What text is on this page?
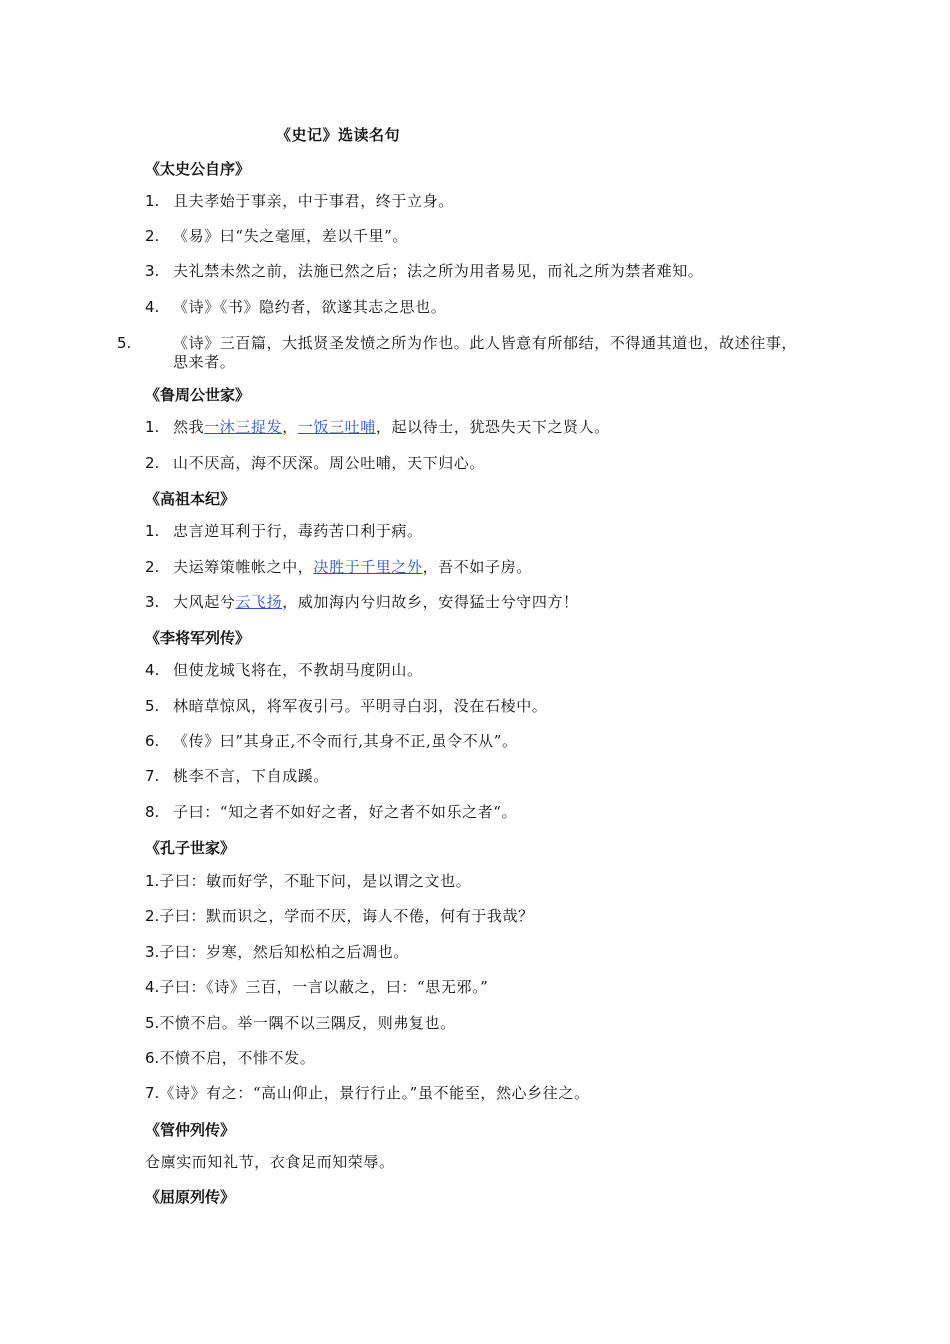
《史记》选读名句
《太史公自序》
1. 且夫孝始于事亲，中于事君，终于立身。
2. 《易》曰“失之毫厘，差以千里”。
3. 夫礼禁未然之前，法施已然之后；法之所为用者易见，而礼之所为禁者难知。
4. 《诗》《书》隐约者，欲遂其志之思也。
5.	《诗》三百篇，大抵贤圣发愤之所为作也。此人皆意有所郁结，不得通其道也，故述往事，思来者。
《鲁周公世家》
1. 然我一沐三捉发，一饭三吐哺，起以待士，犹恐失天下之贤人。
2. 山不厌高，海不厌深。周公吐哺，天下归心。
《高祖本纪》
1. 忠言逆耳利于行，毒药苦口利于病。
2. 夫运筹策帷帐之中，决胜于千里之外，吾不如子房。
3. 大风起兮云飞扬，威加海内兮归故乡，安得猛士兮守四方！
《李将军列传》
4. 但使龙城飞将在，不教胡马度阴山。
5. 林暗草惊风，将军夜引弓。平明寻白羽，没在石棱中。
6. 《传》曰”其身正,不令而行,其身不正,虽令不从”。
7. 桃李不言，下自成蹊。
8. 子曰：“知之者不如好之者，好之者不如乐之者“。
《孔子世家》
1.子曰：敏而好学，不耻下问，是以谓之文也。
2.子曰：默而识之，学而不厌，诲人不倦，何有于我哉？
3.子曰：岁寒，然后知松柏之后凋也。
4.子曰：《诗》三百，一言以蔽之，曰：“思无邪。”
5.不愤不启。举一隅不以三隅反，则弗复也。
6.不愤不启，不悱不发。
7.《诗》有之：“高山仰止，景行行止。”虽不能至，然心乡往之。
《管仲列传》
仓廪实而知礼节，衣食足而知荣辱。
《屈原列传》
